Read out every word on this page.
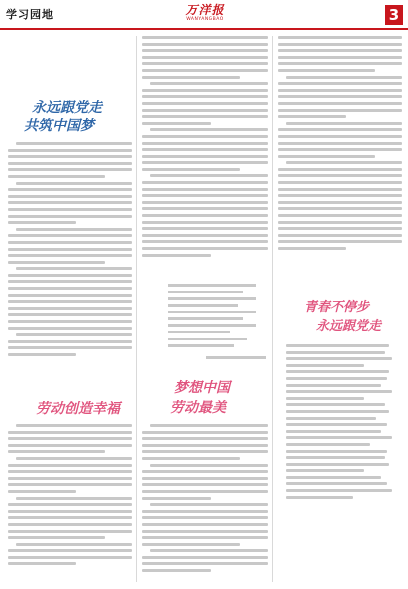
学习园地	万洋报
WANYANGBAO	3
永远跟党走
共筑中国梦
劳动创造幸福
梦想中国
劳动最美
青春不停步
永远跟党走
